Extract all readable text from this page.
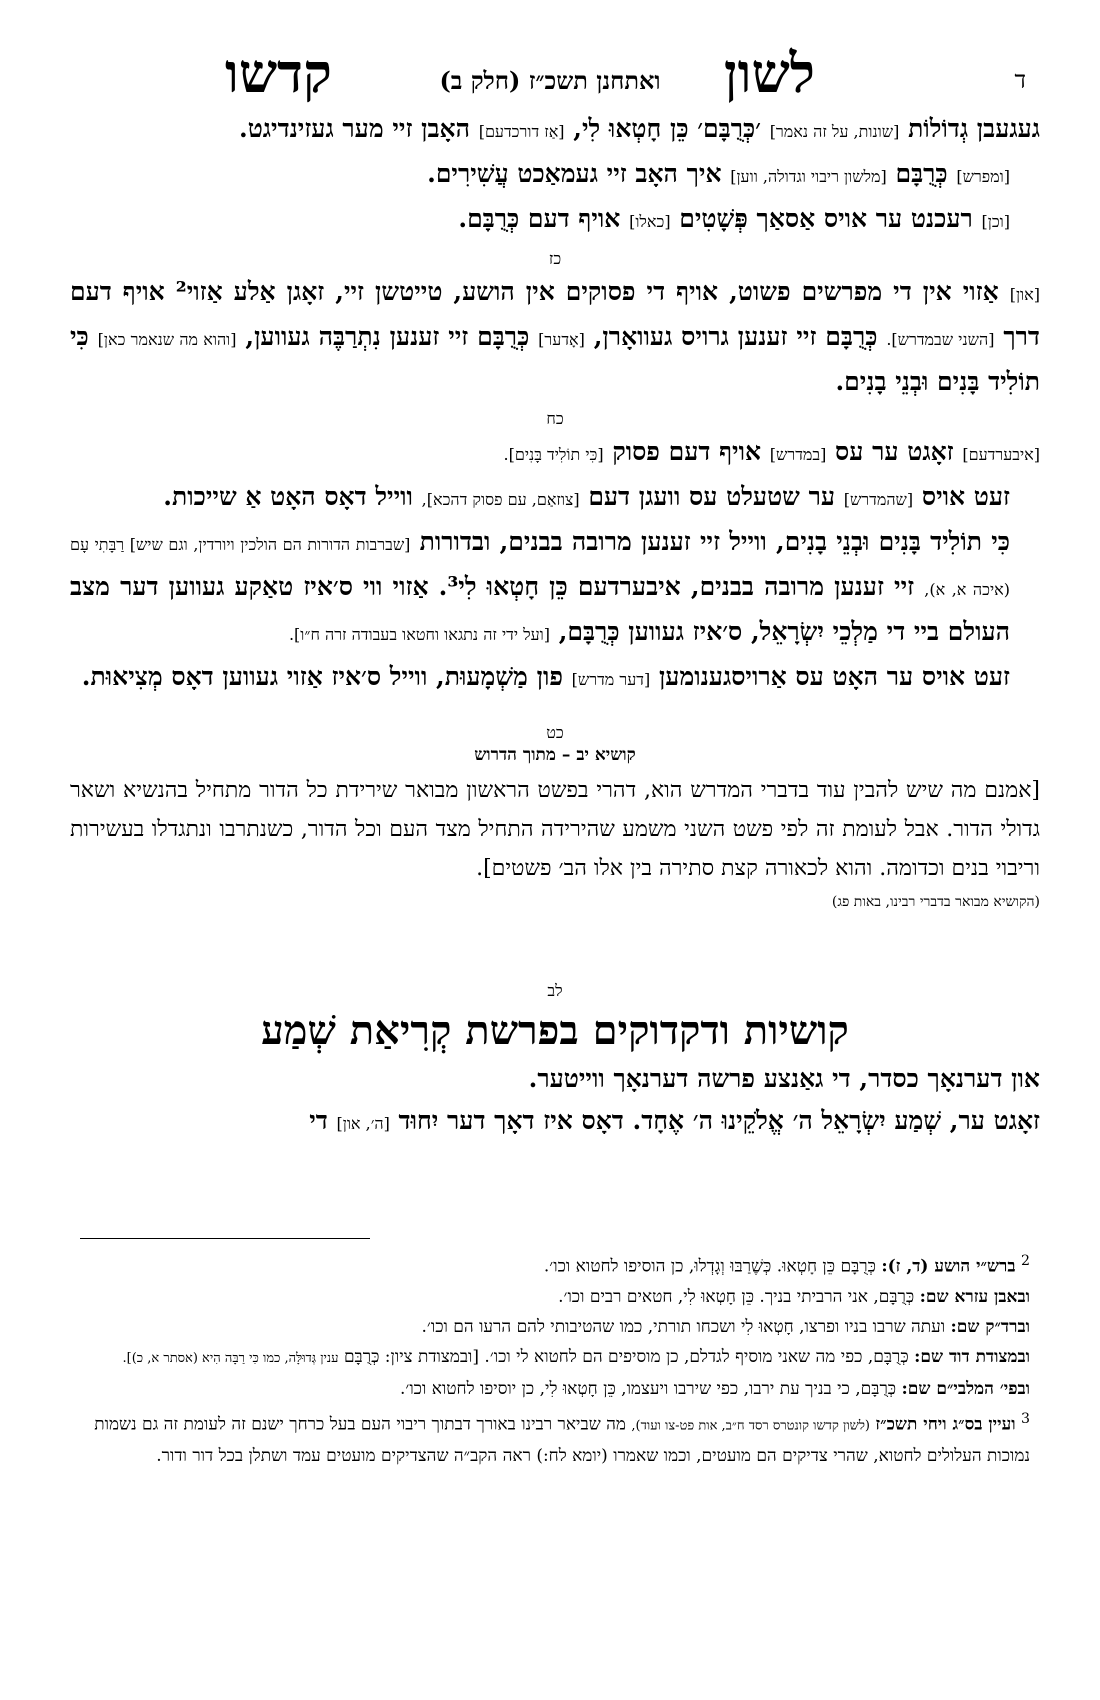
ד
לשון
ואתחנן תשכ״ז (חלק ב)
קדשו

געגעבן גְדוֹלוֹת [שונות, על זה נאמר] ׳כְּרֻבָּם׳ כֵּן חָטְאוּ לִי, [אַז דורכדעם] האָבן זיי מער געזינדיגט.

[ומפרש] כְּרֻבָּם [מלשון ריבוי וגדולה, ווען] איך האָב זיי געמאַכט עֲשִׁירִים.

[וכן] רעכנט ער אויס אַסאַך פְּשָׁטִים [כאלו] אויף דעם כְּרֻבָּם.

כז

[און] אַזוי אין די מפרשים פשוט, אויף די פסוקים אין הושע, טייטשן זיי, זאָגן אַלע אַזוי² אויף דעם דרך [השני שבמדרש]. כְּרֻבָּם זיי זענען גרויס געוואָרן, [אָדער] כְּרֻבָּם זיי זענען נִתְרַבֶּה געווען, [והוא מה שנאמר כאן] כִּי תוֹלִיד בָּנִים וּבְנֵי בָנִים.

כח

[איבערדעם] זאָגט ער עס [במדרש] אויף דעם פסוק [כִּי תוֹלִיד בָּנִים].

זעט אויס [שהמדרש] ער שטעלט עס וועגן דעם [צוזאַם, עם פסוק דהכא], ווייל דאָס האָט אַ שייכות.

כִּי תוֹלִיד בָּנִים וּבְנֵי בָנִים, ווייל זיי זענען מרובה בבנים, ובדורות [שברבות הדורות הם הולכין ויורדין, וגם שיש] רַבָּתִי עָם (איכה א, א), זיי זענען מרובה בבנים, איבערדעם כֵּן חָטְאוּ לִי³. אַזוי ווי ס׳איז טאַקע געווען דער מצב העולם ביי די מַלְכֵי יִשְׂרָאֵל, ס׳איז געווען כְּרֻבָּם, [ועל ידי זה נתגאו וחטאו בעבודה זרה ח״ו].

זעט אויס ער האָט עס אַרויסגענומען [דער מדרש] פון מַשְׁמָעוּת, ווייל ס׳איז אַזוי געווען דאָס מְצִיאוּת.

כט
קושיא יב – מתוך הדרוש

[אמנם מה שיש להבין עוד בדברי המדרש הוא, דהרי בפשט הראשון מבואר שירידת כל הדור מתחיל בהנשיא ושאר גדולי הדור. אבל לעומת זה לפי פשט השני משמע שהירידה התחיל מצד העם וכל הדור, כשנתרבו ונתגדלו בעשירות וריבוי בנים וכדומה. והוא לכאורה קצת סתירה בין אלו הב׳ פשטים].

(הקושיא מבואר בדברי רבינו, באות פג)

לב
קושיות ודקדוקים בפרשת קְרִיאַת שְׁמַע

און דערנאָך כסדר, די גאַנצע פרשה דערנאָך ווייטער.

זאָגט ער, שְׁמַע יִשְׂרָאֵל ה׳ אֱלֹקֵינוּ ה׳ אֶחָד. דאָס איז דאָך דער יִחוּד [ה׳, און] די

$^2$ ברש״י הושע (ד, ז): כְּרֻבָּם כֵּן חָטְאוּ. כְּשֶׁרַבּוּ וְגָדְלוּ, כן הוסיפו לחטוא וכו׳.

ובאבן עזרא שם: כְּרֻבָּם, אני הרביתי בניך. כֵּן חָטְאוּ לִי, חטאים רבים וכו׳.

וברד״ק שם: ועתה שרבו בניו ופרצו, חָטְאוּ לִי ושכחו תורתי, כמו שהטיבותי להם הרעו הם וכו׳.

ובמצודת דוד שם: כְּרֻבָּם, כפי מה שאני מוסיף לגדלם, כן מוסיפים הם לחטוא לי וכו׳. [ובמצודת ציון: כְּרֻבָּם ענין גְּדוּלָּה, כמו כִּי רַבָּה הִיא (אסתר א, כ)].

ובפי׳ המלבי״ם שם: כְּרֻבָּם, כי בניך עת ירבו, כפי שירבו ויעצמו, כֵּן חָטְאוּ לִי, כן יוסיפו לחטוא וכו׳.

$^3$ ועיין בס״ג ויחי תשכ״ז (לשון קדשו קונטרס רסד ח״ב, אות פט-צו ועוד), מה שביאר רבינו באורך דבתוך ריבוי העם בעל כרחך ישנם זה לעומת זה גם נשמות נמוכות העלולים לחטוא, שהרי צדיקים הם מועטים, וכמו שאמרו (יומא לח:) ראה הקב״ה שהצדיקים מועטים עמד ושתלן בכל דור ודור.
